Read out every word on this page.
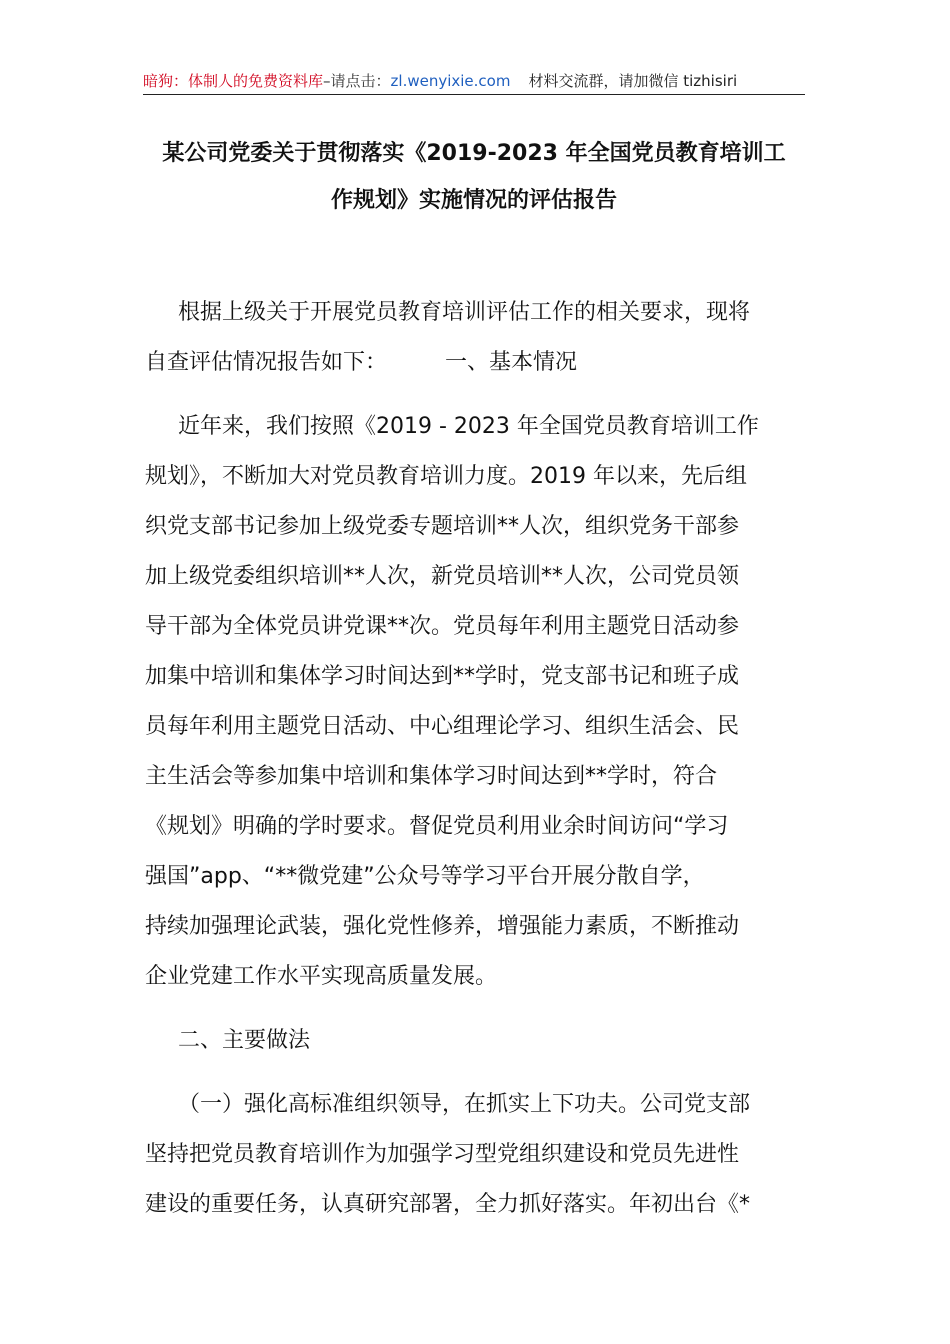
暗狗：体制人的免费资料库–请点击：zl.wenyixie.com 材料交流群，请加微信 tizhisiri
某公司党委关于贯彻落实《2019-2023 年全国党员教育培训工
作规划》实施情况的评估报告

根据上级关于开展党员教育培训评估工作的相关要求，现将

自查评估情况报告如下：	一、基本情况

近年来，我们按照《2019 - 2023 年全国党员教育培训工作

规划》，不断加大对党员教育培训力度。2019 年以来，先后组

织党支部书记参加上级党委专题培训**人次，组织党务干部参

加上级党委组织培训**人次，新党员培训**人次，公司党员领

导干部为全体党员讲党课**次。党员每年利用主题党日活动参

加集中培训和集体学习时间达到**学时，党支部书记和班子成

员每年利用主题党日活动、中心组理论学习、组织生活会、民

主生活会等参加集中培训和集体学习时间达到**学时，符合

《规划》明确的学时要求。督促党员利用业余时间访问“学习

强国”app、“**微党建”公众号等学习平台开展分散自学，

持续加强理论武装，强化党性修养，增强能力素质，不断推动

企业党建工作水平实现高质量发展。

二、主要做法

（一）强化高标准组织领导，在抓实上下功夫。公司党支部

坚持把党员教育培训作为加强学习型党组织建设和党员先进性

建设的重要任务，认真研究部署，全力抓好落实。年初出台《*
